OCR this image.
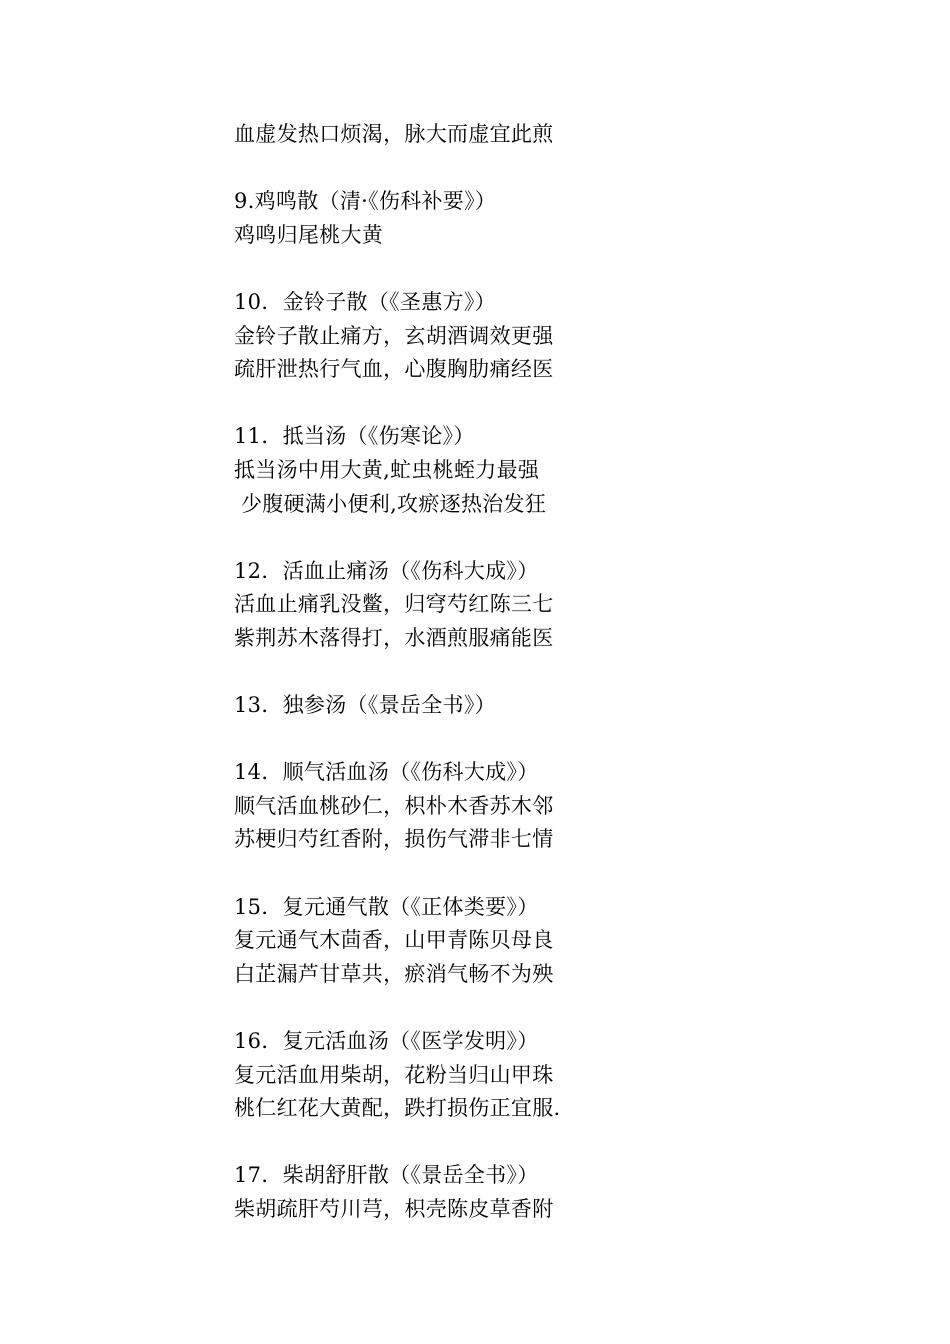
血虚发热口烦渴，脉大而虚宜此煎
9.鸡鸣散（清·《伤科补要》）
鸡鸣归尾桃大黄
10．金铃子散（《圣惠方》）
金铃子散止痛方，玄胡酒调效更强
疏肝泄热行气血，心腹胸肋痛经医
11．抵当汤（《伤寒论》）
抵当汤中用大黄,虻虫桃蛭力最强
少腹硬满小便利,攻瘀逐热治发狂
12．活血止痛汤（《伤科大成》）
活血止痛乳没鳖，归穹芍红陈三七
紫荆苏木落得打，水酒煎服痛能医
13．独参汤（《景岳全书》）
14．顺气活血汤（《伤科大成》）
顺气活血桃砂仁，枳朴木香苏木邻
苏梗归芍红香附，损伤气滞非七情
15．复元通气散（《正体类要》）
复元通气木茴香，山甲青陈贝母良
白芷漏芦甘草共，瘀消气畅不为殃
16．复元活血汤（《医学发明》）
复元活血用柴胡，花粉当归山甲珠
桃仁红花大黄配，跌打损伤正宜服.
17．柴胡舒肝散（《景岳全书》）
柴胡疏肝芍川芎，枳壳陈皮草香附
